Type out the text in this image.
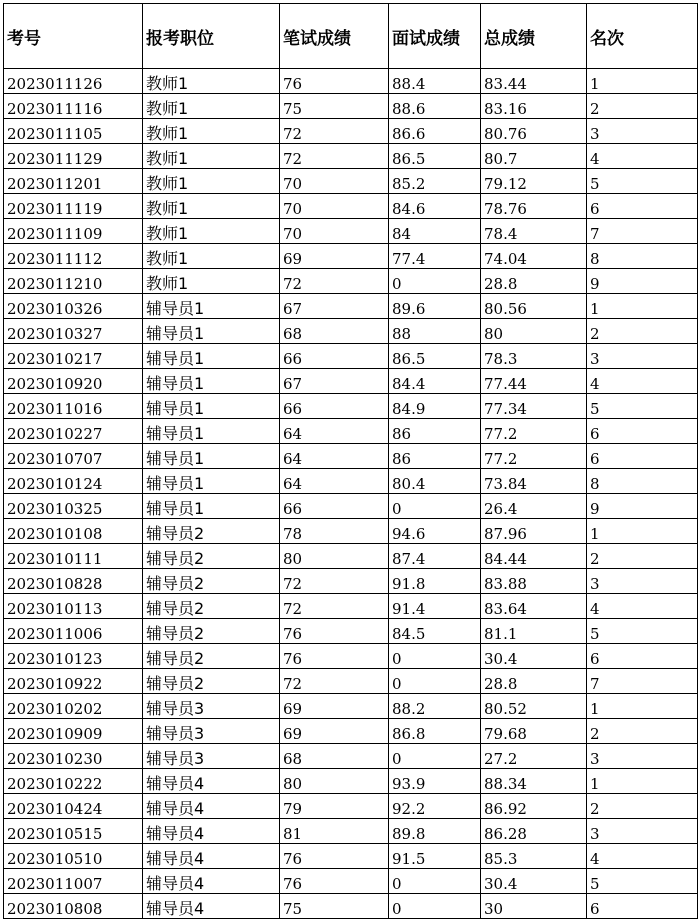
考号	报考职位	笔试成绩	面试成绩	总成绩	名次
2023011126	教师1	76	88.4	83.44	1
2023011116	教师1	75	88.6	83.16	2
2023011105	教师1	72	86.6	80.76	3
2023011129	教师1	72	86.5	80.7	4
2023011201	教师1	70	85.2	79.12	5
2023011119	教师1	70	84.6	78.76	6
2023011109	教师1	70	84	78.4	7
2023011112	教师1	69	77.4	74.04	8
2023011210	教师1	72	0	28.8	9
2023010326	辅导员1	67	89.6	80.56	1
2023010327	辅导员1	68	88	80	2
2023010217	辅导员1	66	86.5	78.3	3
2023010920	辅导员1	67	84.4	77.44	4
2023011016	辅导员1	66	84.9	77.34	5
2023010227	辅导员1	64	86	77.2	6
2023010707	辅导员1	64	86	77.2	6
2023010124	辅导员1	64	80.4	73.84	8
2023010325	辅导员1	66	0	26.4	9
2023010108	辅导员2	78	94.6	87.96	1
2023010111	辅导员2	80	87.4	84.44	2
2023010828	辅导员2	72	91.8	83.88	3
2023010113	辅导员2	72	91.4	83.64	4
2023011006	辅导员2	76	84.5	81.1	5
2023010123	辅导员2	76	0	30.4	6
2023010922	辅导员2	72	0	28.8	7
2023010202	辅导员3	69	88.2	80.52	1
2023010909	辅导员3	69	86.8	79.68	2
2023010230	辅导员3	68	0	27.2	3
2023010222	辅导员4	80	93.9	88.34	1
2023010424	辅导员4	79	92.2	86.92	2
2023010515	辅导员4	81	89.8	86.28	3
2023010510	辅导员4	76	91.5	85.3	4
2023011007	辅导员4	76	0	30.4	5
2023010808	辅导员4	75	0	30	6
